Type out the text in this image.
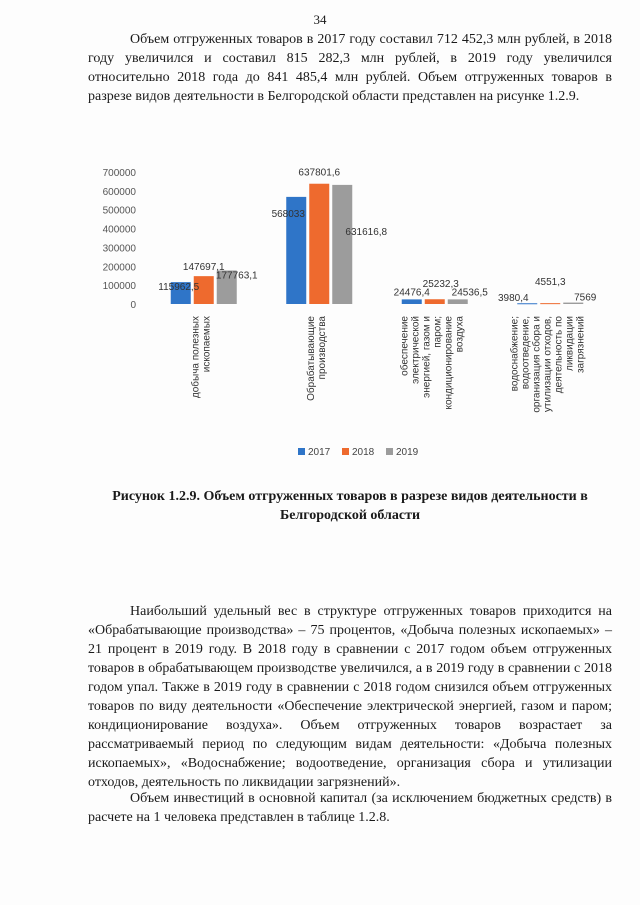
34

Объем отгруженных товаров в 2017 году составил 712 452,3 млн рублей, в 2018 году увеличился и составил 815 282,3 млн рублей, в 2019 году увеличился относительно 2018 года до 841 485,4 млн рублей. Объем отгруженных товаров в разрезе видов деятельности в Белгородской области представлен на рисунке 1.2.9.

0
100000
200000
300000
400000
500000
600000
700000
115962,5
147697,1
177763,1
568033
637801,6
631616,8
24476,4
25232,3
24536,5
3980,4
4551,3
7569
добыча полезных ископаемых	Обрабатывающие производства	обеспечение электрической энергией, газом и паром; кондиционирование воздуха	водоснабжение; водоотведение, организация сбора и утилизации отходов, деятельность по ликвидации загрязнений
2017 2018 2019

Рисунок 1.2.9. Объем отгруженных товаров в разрезе видов деятельности в Белгородской области

Наибольший удельный вес в структуре отгруженных товаров приходится на «Обрабатывающие производства» – 75 процентов, «Добыча полезных ископаемых» – 21 процент в 2019 году. В 2018 году в сравнении с 2017 годом объем отгруженных товаров в обрабатывающем производстве увеличился, а в 2019 году в сравнении с 2018 годом упал. Также в 2019 году в сравнении с 2018 годом снизился объем отгруженных товаров по виду деятельности «Обеспечение электрической энергией, газом и паром; кондиционирование воздуха». Объем отгруженных товаров возрастает за рассматриваемый период по следующим видам деятельности: «Добыча полезных ископаемых», «Водоснабжение; водоотведение, организация сбора и утилизации отходов, деятельность по ликвидации загрязнений».

Объем инвестиций в основной капитал (за исключением бюджетных средств) в расчете на 1 человека представлен в таблице 1.2.8.
